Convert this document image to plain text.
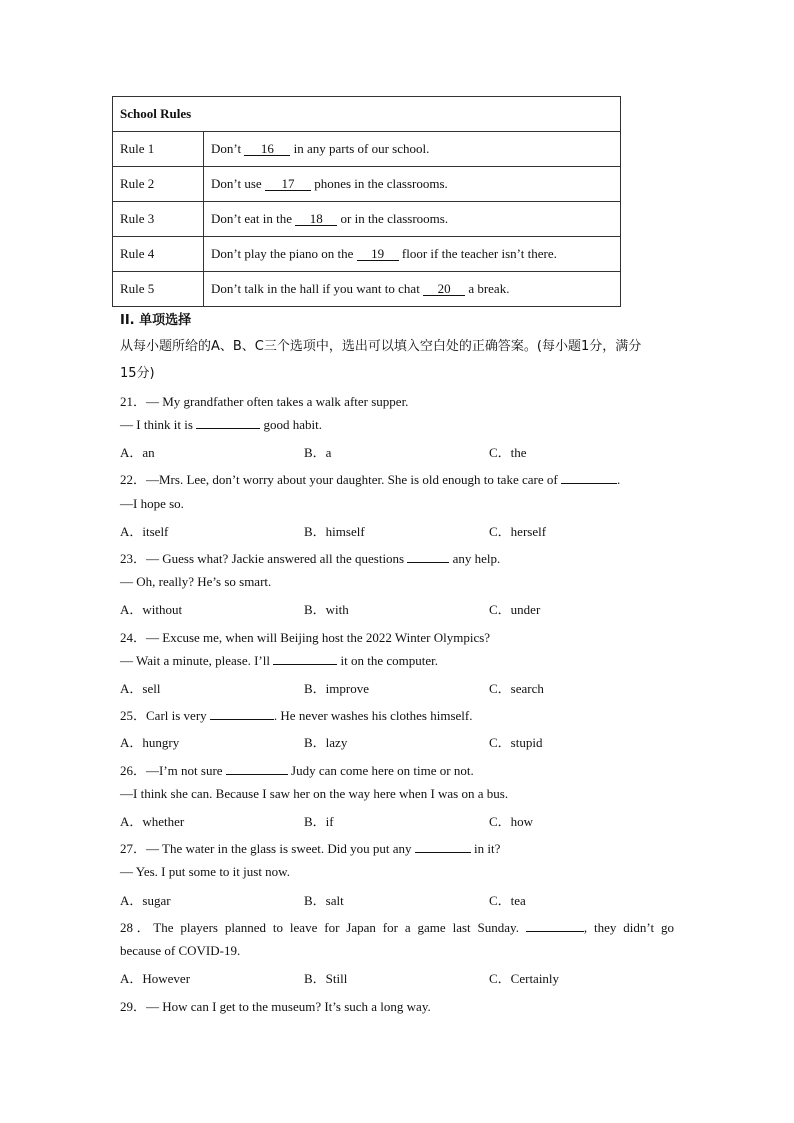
School Rules	
Rule 1	Don’t 16 in any parts of our school.
Rule 2	Don’t use 17 phones in the classrooms.
Rule 3	Don’t eat in the 18 or in the classrooms.
Rule 4	Don’t play the piano on the 19 floor if the teacher isn’t there.
Rule 5	Don’t talk in the hall if you want to chat 20 a break.
II. 单项选择
从每小题所给的A、B、C三个选项中，选出可以填入空白处的正确答案。(每小题1分，满分
15分)
21．— My grandfather often takes a walk after supper.
— I think it is	good habit.
A．an	B．a	C．the
22．—Mrs. Lee, don’t worry about your daughter. She is old enough to take care of	.
—I hope so.
A．itself	B．himself	C．herself
23．— Guess what? Jackie answered all the questions	any help.
— Oh, really? He’s so smart.
A．without	B．with	C．under
24．— Excuse me, when will Beijing host the 2022 Winter Olympics?
— Wait a minute, please. I’ll	it on the computer.
A．sell	B．improve	C．search
25．Carl is very	. He never washes his clothes himself.
A．hungry	B．lazy	C．stupid
26．—I’m not sure	Judy can come here on time or not.
—I think she can. Because I saw her on the way here when I was on a bus.
A．whether	B．if	C．how
27．— The water in the glass is sweet. Did you put any	in it?
— Yes. I put some to it just now.
A．sugar	B．salt	C．tea
28．The players planned to leave for Japan for a game last Sunday.	, they didn’t go
because of COVID-19.
A．However	B．Still	C．Certainly
29．— How can I get to the museum? It’s such a long way.
